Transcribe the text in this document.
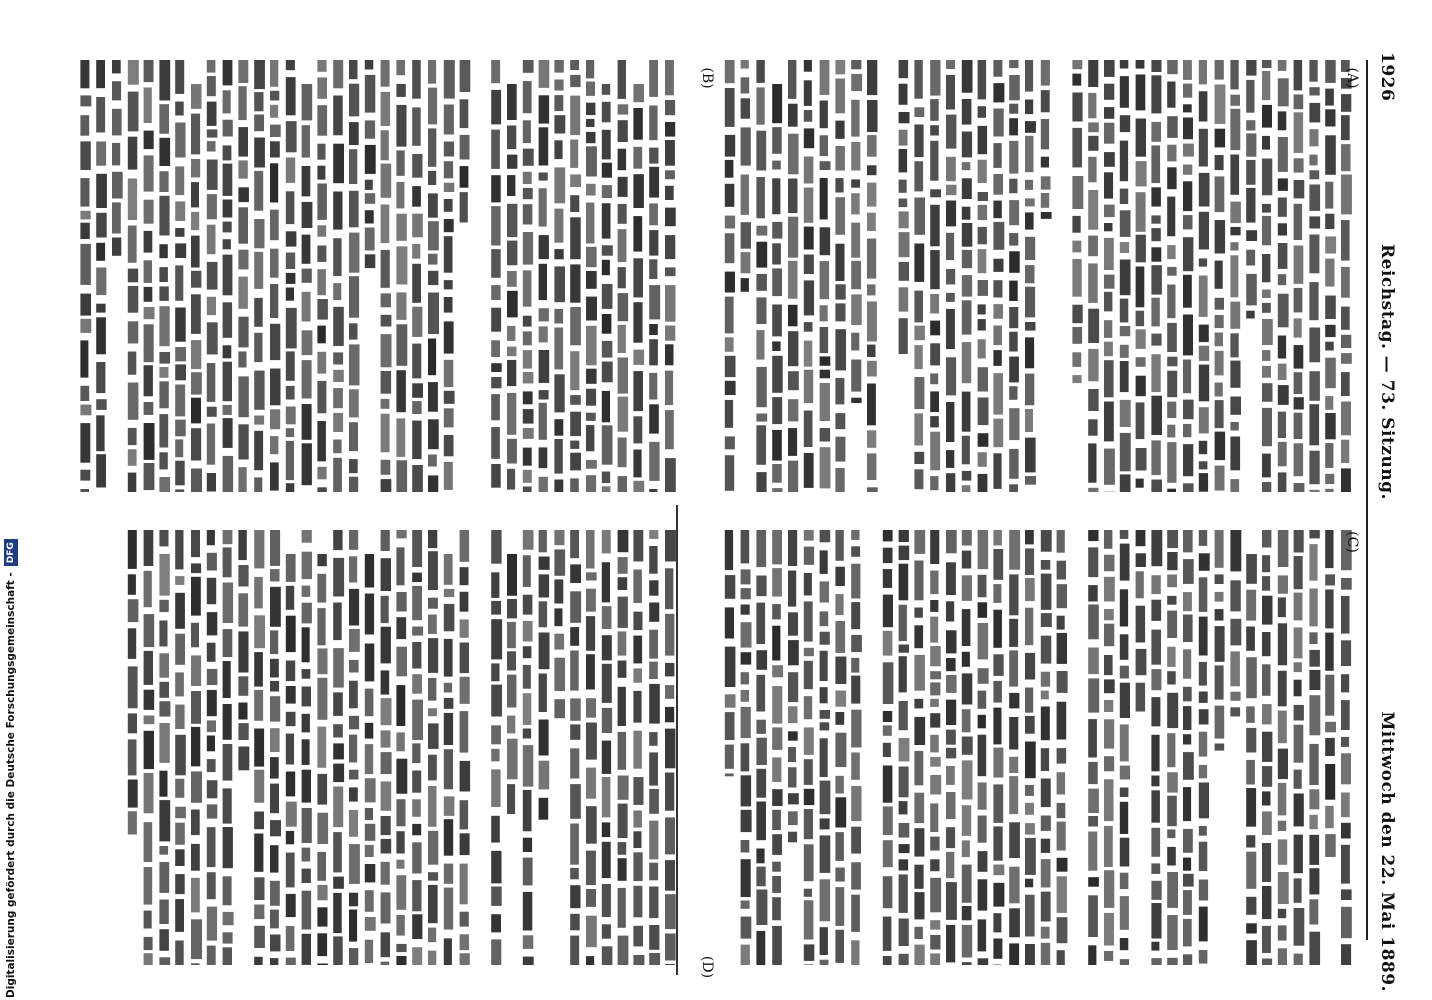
1926
Reichstag. — 73. Sitzung.
Mittwoch den 22. Mai 1889.
(A)
(B)
(C)
(D)
Digitalisierung gefördert durch die Deutsche Forschungsgemeinschaft -
DFG
